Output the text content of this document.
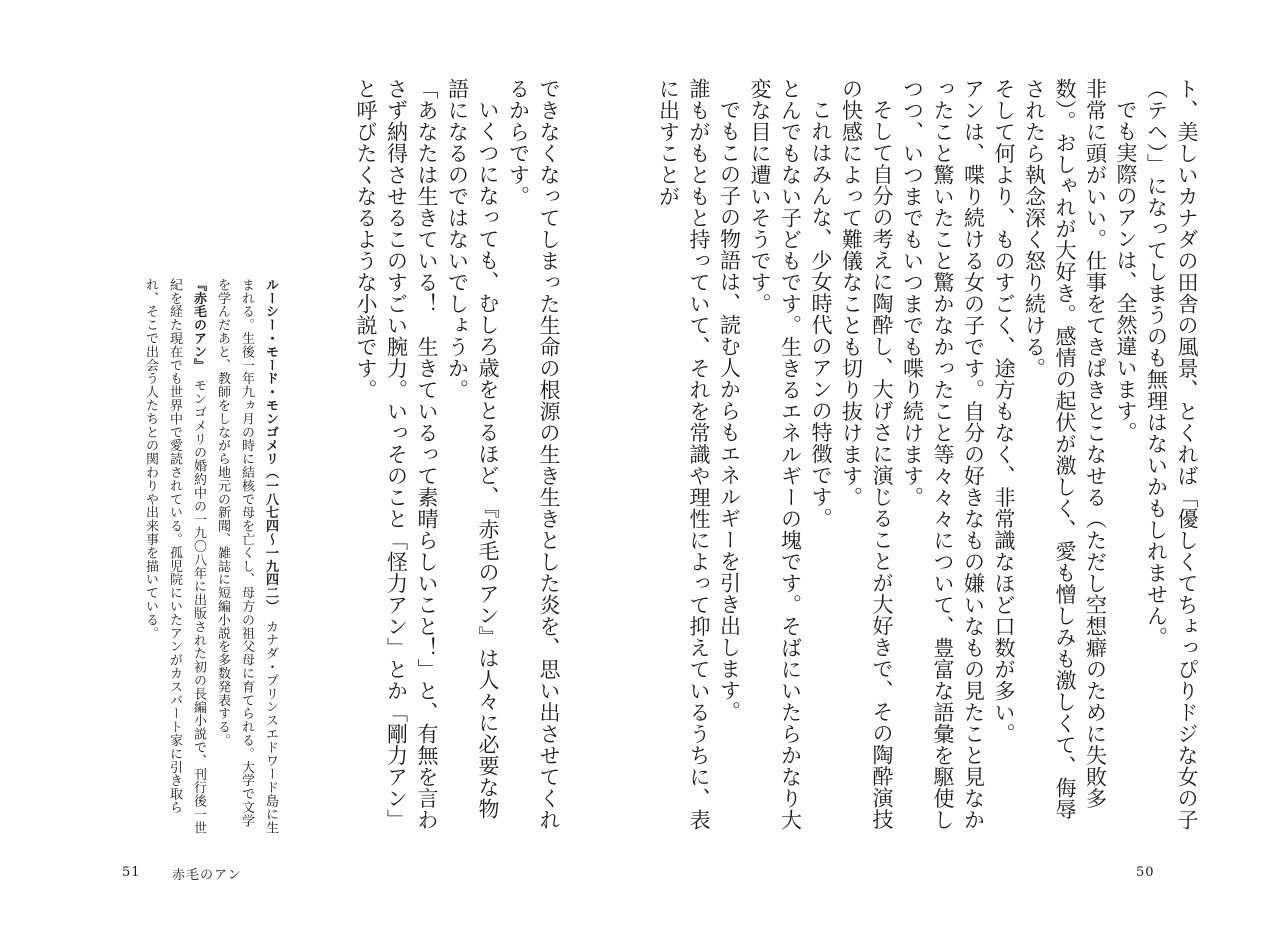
ト、美しいカナダの田舎の風景、とくれば「優しくてちょっぴりドジな女の子（テヘ）」になってしまうのも無理はないかもしれません。

でも実際のアンは、全然違います。

非常に頭がいい。仕事をてきぱきとこなせる（ただし空想癖のために失敗多数）。おしゃれが大好き。感情の起伏が激しく、愛も憎しみも激しくて、侮辱されたら執念深く怒り続ける。

そして何より、ものすごく、途方もなく、非常識なほど口数が多い。

アンは、喋り続ける女の子です。自分の好きなもの嫌いなもの見たこと見なかったこと驚いたこと驚かなかったこと等々々々について、豊富な語彙を駆使しつつ、いつまでもいつまでも喋り続けます。

そして自分の考えに陶酔し、大げさに演じることが大好きで、その陶酔演技の快感によって難儀なことも切り抜けます。

これはみんな、少女時代のアンの特徴です。

とんでもない子どもです。生きるエネルギーの塊です。そばにいたらかなり大変な目に遭いそうです。

でもこの子の物語は、読む人からもエネルギーを引き出します。

誰もがもともと持っていて、それを常識や理性によって抑えているうちに、表に出すことが

できなくなってしまった生命の根源の生き生きとした炎を、思い出させてくれるからです。

いくつになっても、むしろ歳をとるほど、『赤毛のアン』は人々に必要な物語になるのではないでしょうか。

「あなたは生きている！　生きているって素晴らしいこと！」と、有無を言わさず納得させるこのすごい腕力。いっそのこと「怪力アン」とか「剛力アン」と呼びたくなるような小説です。

ルーシー・モード・モンゴメリ（一八七四〜一九四二）　カナダ・プリンスエドワード島に生まれる。生後一年九ヵ月の時に結核で母を亡くし、母方の祖父母に育てられる。大学で文学を学んだあと、教師をしながら地元の新聞、雑誌に短編小説を多数発表する。

『赤毛のアン』　モンゴメリの婚約中の一九〇八年に出版された初の長編小説で、刊行後一世紀を経た現在でも世界中で愛読されている。孤児院にいたアンがカスバート家に引き取られ、そこで出会う人たちとの関わりや出来事を描いている。

51 赤毛のアン	50
